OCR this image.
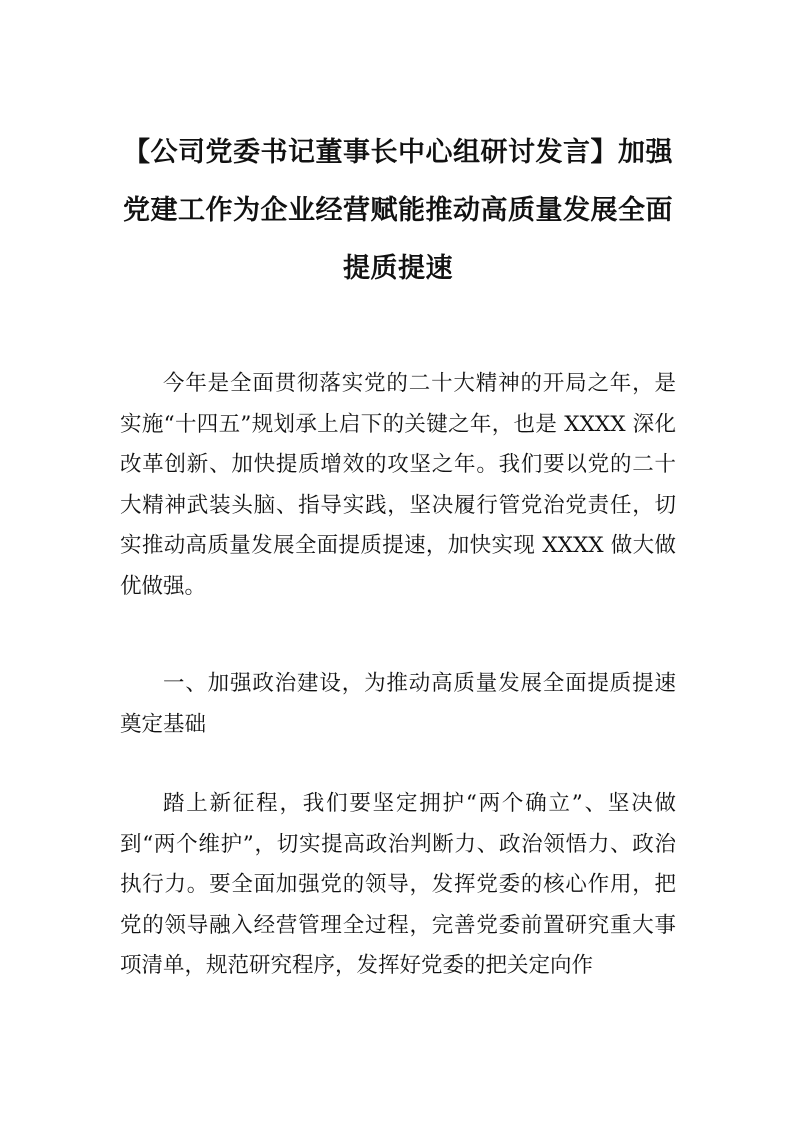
【公司党委书记董事长中心组研讨发言】加强党建工作为企业经营赋能推动高质量发展全面提质提速

今年是全面贯彻落实党的二十大精神的开局之年，是实施“十四五”规划承上启下的关键之年，也是 XXXX 深化改革创新、加快提质增效的攻坚之年。我们要以党的二十大精神武装头脑、指导实践，坚决履行管党治党责任，切实推动高质量发展全面提质提速，加快实现 XXXX 做大做优做强。

一、加强政治建设，为推动高质量发展全面提质提速奠定基础

踏上新征程，我们要坚定拥护“两个确立”、坚决做到“两个维护”，切实提高政治判断力、政治领悟力、政治执行力。要全面加强党的领导，发挥党委的核心作用，把党的领导融入经营管理全过程，完善党委前置研究重大事项清单，规范研究程序，发挥好党委的把关定向作
